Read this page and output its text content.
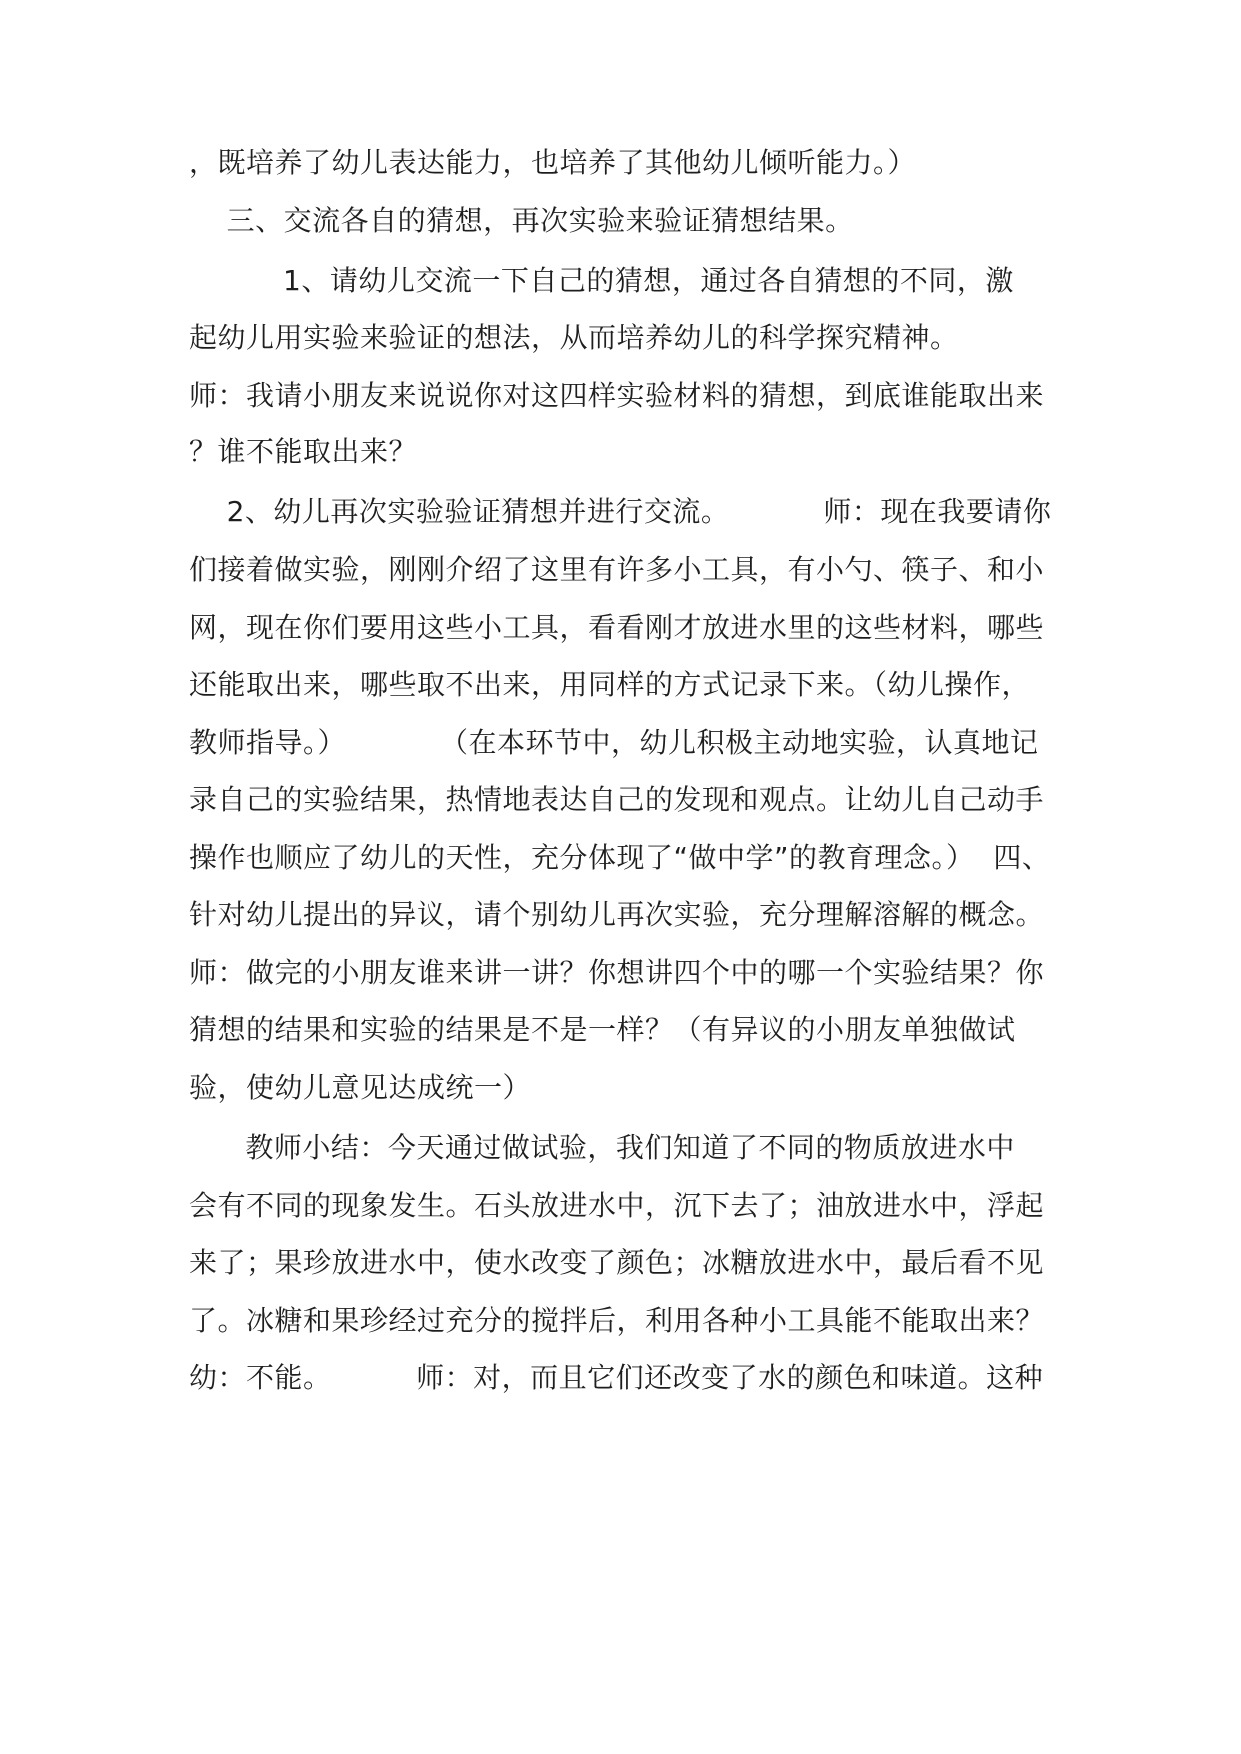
，既培养了幼儿表达能力，也培养了其他幼儿倾听能力。）
三、交流各自的猜想，再次实验来验证猜想结果。
1、请幼儿交流一下自己的猜想，通过各自猜想的不同，激
起幼儿用实验来验证的想法，从而培养幼儿的科学探究精神。
师：我请小朋友来说说你对这四样实验材料的猜想，到底谁能取出来
？谁不能取出来？
2、幼儿再次实验验证猜想并进行交流。          师：现在我要请你
们接着做实验，刚刚介绍了这里有许多小工具，有小勺、筷子、和小
网，现在你们要用这些小工具，看看刚才放进水里的这些材料，哪些
还能取出来，哪些取不出来，用同样的方式记录下来。（幼儿操作，
教师指导。）          （在本环节中，幼儿积极主动地实验，认真地记
录自己的实验结果，热情地表达自己的发现和观点。让幼儿自己动手
操作也顺应了幼儿的天性，充分体现了“做中学”的教育理念。）  四、
针对幼儿提出的异议，请个别幼儿再次实验，充分理解溶解的概念。
师：做完的小朋友谁来讲一讲？你想讲四个中的哪一个实验结果？你
猜想的结果和实验的结果是不是一样？（有异议的小朋友单独做试
验，使幼儿意见达成统一）
教师小结：今天通过做试验，我们知道了不同的物质放进水中
会有不同的现象发生。石头放进水中，沉下去了；油放进水中，浮起
来了；果珍放进水中，使水改变了颜色；冰糖放进水中，最后看不见
了。冰糖和果珍经过充分的搅拌后，利用各种小工具能不能取出来？
幼：不能。         师：对，而且它们还改变了水的颜色和味道。这种
